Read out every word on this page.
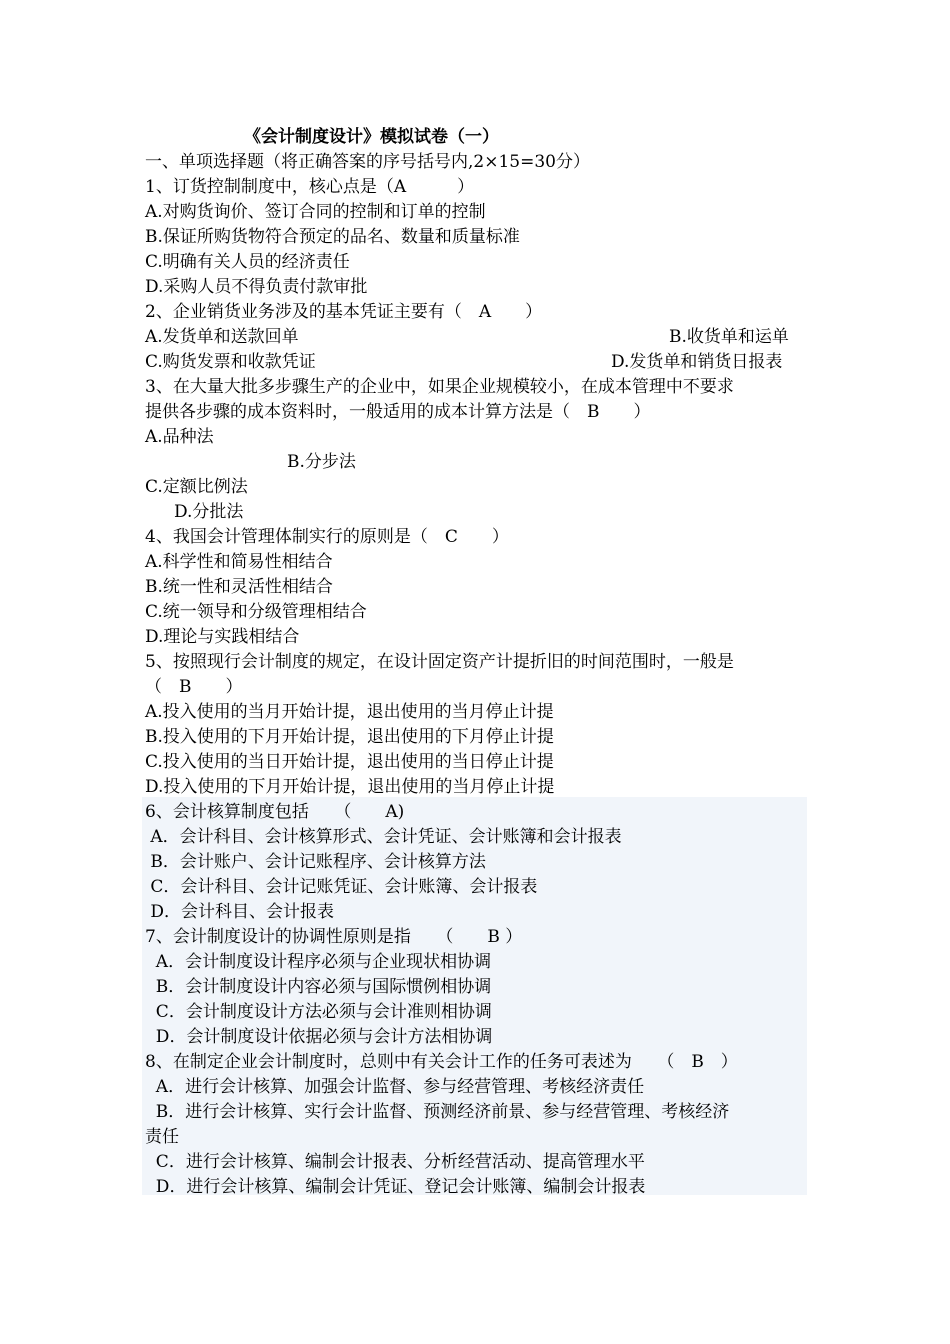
《会计制度设计》模拟试卷（一）
一、单项选择题（将正确答案的序号括号内,2×15=30分）
1、订货控制制度中，核心点是（A　　　）
A.对购货询价、签订合同的控制和订单的控制
B.保证所购货物符合预定的品名、数量和质量标准
C.明确有关人员的经济责任
D.采购人员不得负责付款审批
2、企业销货业务涉及的基本凭证主要有（　A　　）
A.发货单和送款回单	B.收货单和运单
C.购货发票和收款凭证	D.发货单和销货日报表
3、在大量大批多步骤生产的企业中，如果企业规模较小，在成本管理中不要求
提供各步骤的成本资料时，一般适用的成本计算方法是（　B　　）
A.品种法
B.分步法
C.定额比例法
D.分批法
4、我国会计管理体制实行的原则是（　C　　）
A.科学性和简易性相结合
B.统一性和灵活性相结合
C.统一领导和分级管理相结合
D.理论与实践相结合
5、按照现行会计制度的规定，在设计固定资产计提折旧的时间范围时，一般是
（　B　　）
A.投入使用的当月开始计提，退出使用的当月停止计提
B.投入使用的下月开始计提，退出使用的下月停止计提
C.投入使用的当日开始计提，退出使用的当日停止计提
D.投入使用的下月开始计提，退出使用的当月停止计提
6、会计核算制度包括　　（　　A)
A．会计科目、会计核算形式、会计凭证、会计账簿和会计报表
B．会计账户、会计记账程序、会计核算方法
C．会计科目、会计记账凭证、会计账簿、会计报表
D．会计科目、会计报表
7、会计制度设计的协调性原则是指　　（　　B ）
A．会计制度设计程序必须与企业现状相协调
B．会计制度设计内容必须与国际惯例相协调
C．会计制度设计方法必须与会计准则相协调
D．会计制度设计依据必须与会计方法相协调
8、在制定企业会计制度时，总则中有关会计工作的任务可表述为　　（　B　）
A．进行会计核算、加强会计监督、参与经营管理、考核经济责任
B．进行会计核算、实行会计监督、预测经济前景、参与经营管理、考核经济
责任
C．进行会计核算、编制会计报表、分析经营活动、提高管理水平
D．进行会计核算、编制会计凭证、登记会计账簿、编制会计报表
